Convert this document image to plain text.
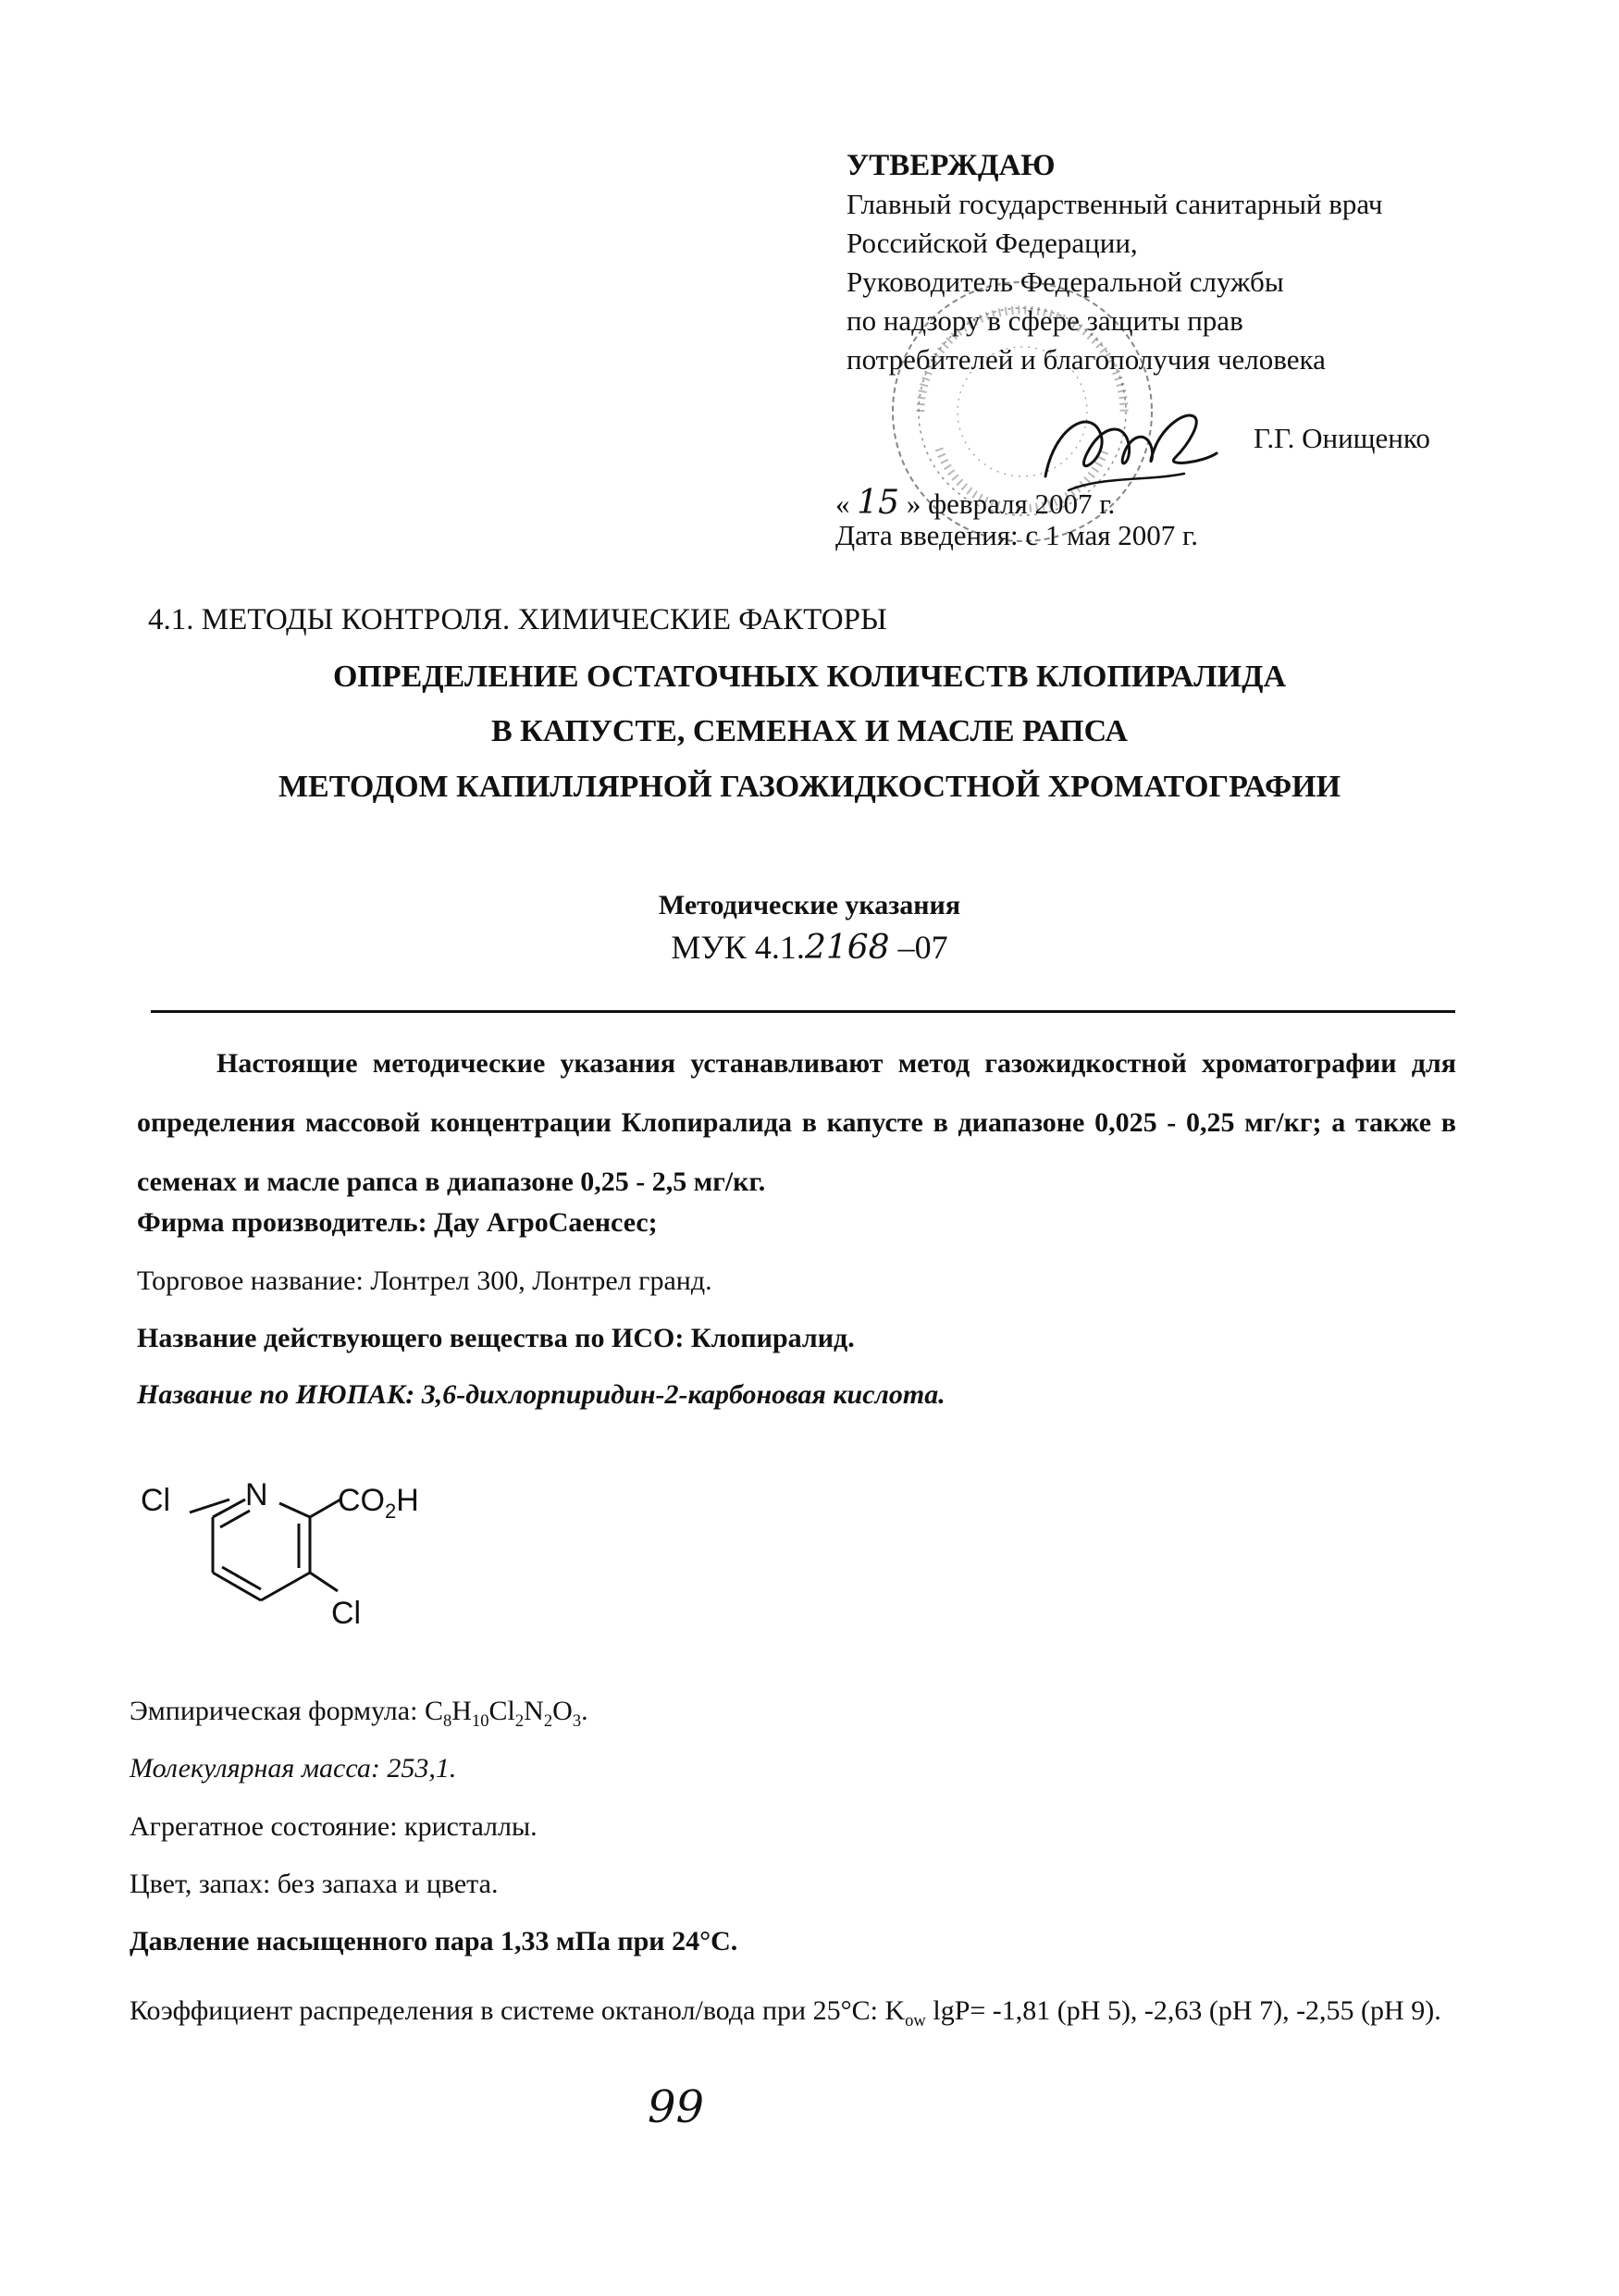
УТВЕРЖДАЮ
Главный государственный санитарный врач
Российской Федерации,
Руководитель Федеральной службы
по надзору в сфере защиты прав
потребителей и благополучия человека
Г.Г. Онищенко
« 15 » февраля 2007 г.
Дата введения: с 1 мая 2007 г.
4.1. МЕТОДЫ КОНТРОЛЯ. ХИМИЧЕСКИЕ ФАКТОРЫ
ОПРЕДЕЛЕНИЕ ОСТАТОЧНЫХ КОЛИЧЕСТВ КЛОПИРАЛИДА
В КАПУСТЕ, СЕМЕНАХ И МАСЛЕ РАПСА
МЕТОДОМ КАПИЛЛЯРНОЙ ГАЗОЖИДКОСТНОЙ ХРОМАТОГРАФИИ
Методические указания
МУК 4.1.2168 –07
Настоящие методические указания устанавливают метод газожидкостной хроматографии для определения массовой концентрации Клопиралида в капусте в диапазоне 0,025 - 0,25 мг/кг; а также в семенах и масле рапса в диапазоне 0,25 - 2,5 мг/кг.
Фирма производитель: Дау АгроСаенсес;
Торговое название: Лонтрел 300, Лонтрел гранд.
Название действующего вещества по ИСО: Клопиралид.
Название по ИЮПАК: 3,6-дихлорпиридин-2-карбоновая кислота.
Cl N $CO_2H$
Cl
Эмпирическая формула: $C_8H_{10}Cl_2N_2O_3$.
Молекулярная масса: 253,1.
Агрегатное состояние: кристаллы.
Цвет, запах: без запаха и цвета.
Давление насыщенного пара 1,33 мПа при 24°С.
Коэффициент распределения в системе октанол/вода при 25°С: $K_{ow}$ lgP= -1,81 (рН 5), -2,63 (рН 7), -2,55 (рН 9).
99
